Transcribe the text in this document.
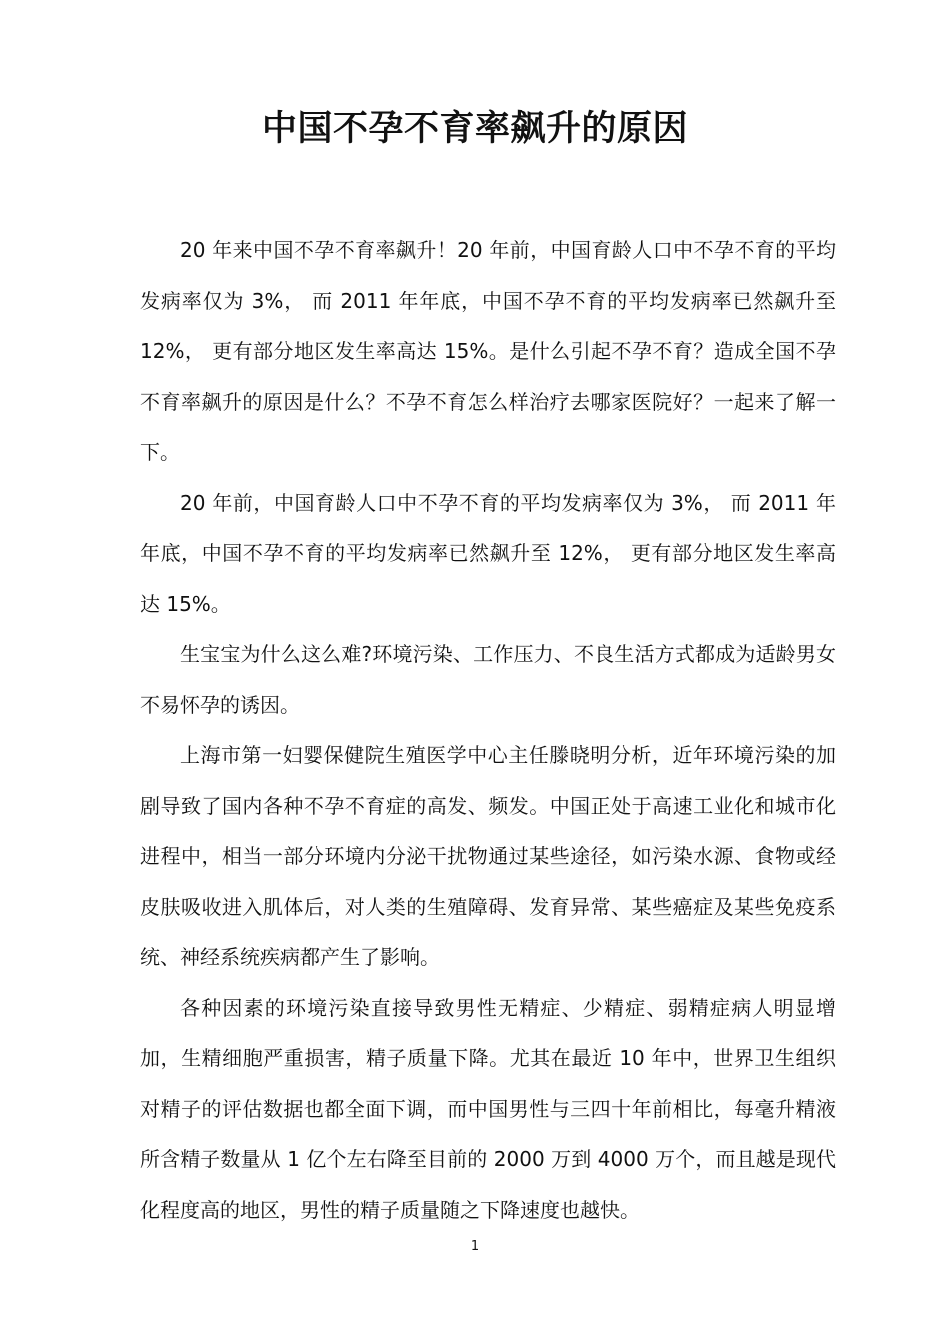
中国不孕不育率飙升的原因

20 年来中国不孕不育率飙升！20 年前，中国育龄人口中不孕不育的平均发病率仅为 3%， 而 2011 年年底，中国不孕不育的平均发病率已然飙升至 12%， 更有部分地区发生率高达 15%。是什么引起不孕不育？造成全国不孕不育率飙升的原因是什么？不孕不育怎么样治疗去哪家医院好？一起来了解一下。

20 年前，中国育龄人口中不孕不育的平均发病率仅为 3%， 而 2011 年年底，中国不孕不育的平均发病率已然飙升至 12%， 更有部分地区发生率高达 15%。

生宝宝为什么这么难?环境污染、工作压力、不良生活方式都成为适龄男女不易怀孕的诱因。

上海市第一妇婴保健院生殖医学中心主任滕晓明分析，近年环境污染的加剧导致了国内各种不孕不育症的高发、频发。中国正处于高速工业化和城市化进程中，相当一部分环境内分泌干扰物通过某些途径，如污染水源、食物或经皮肤吸收进入肌体后，对人类的生殖障碍、发育异常、某些癌症及某些免疫系统、神经系统疾病都产生了影响。

各种因素的环境污染直接导致男性无精症、少精症、弱精症病人明显增加，生精细胞严重损害，精子质量下降。尤其在最近 10 年中，世界卫生组织对精子的评估数据也都全面下调，而中国男性与三四十年前相比，每毫升精液所含精子数量从 1 亿个左右降至目前的 2000 万到 4000 万个，而且越是现代化程度高的地区，男性的精子质量随之下降速度也越快。

1
